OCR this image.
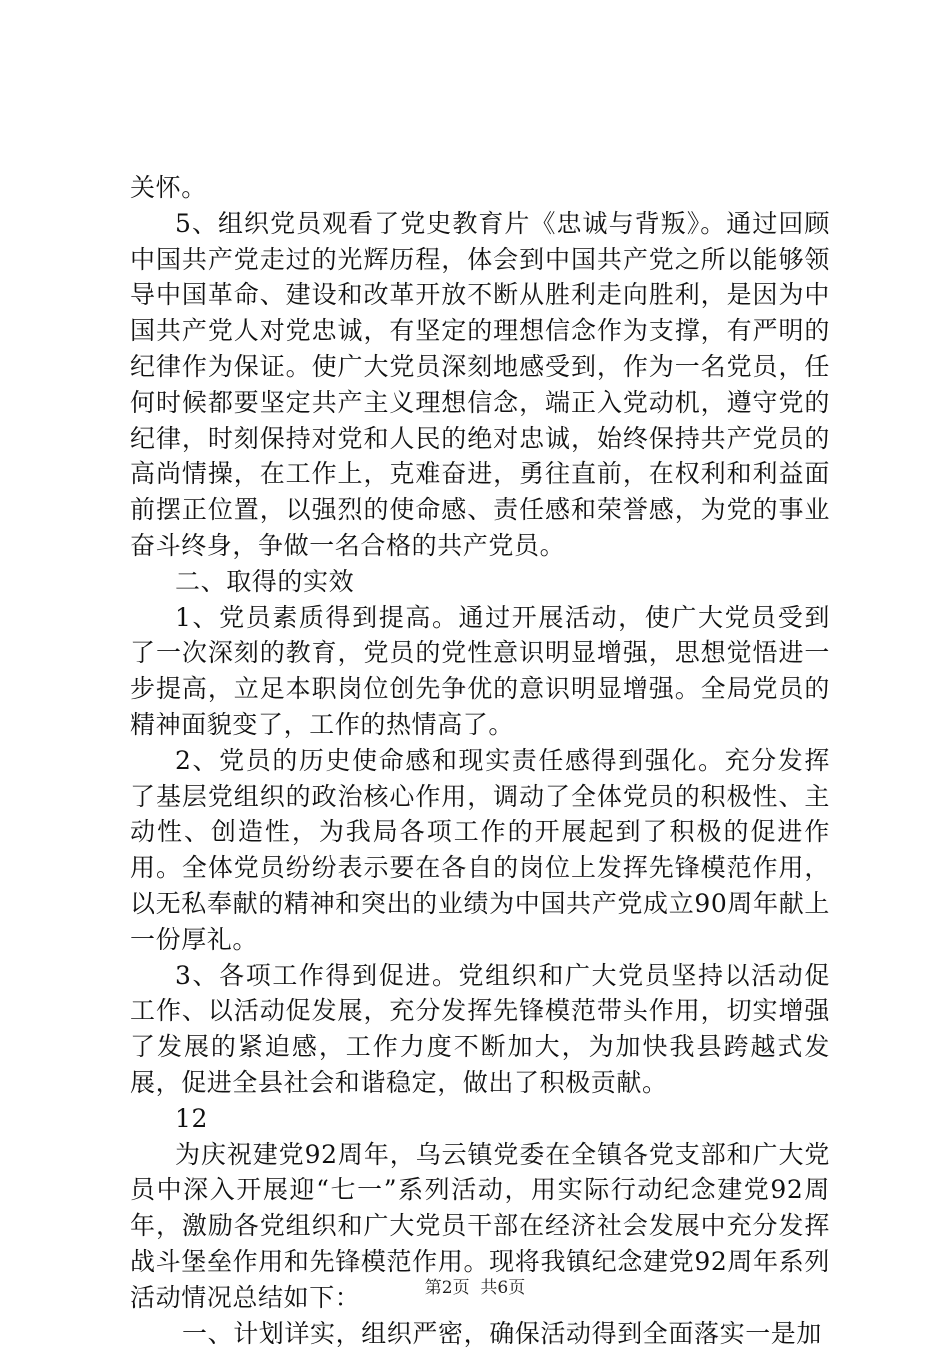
关怀。

5、组织党员观看了党史教育片《忠诚与背叛》。通过回顾中国共产党走过的光辉历程，体会到中国共产党之所以能够领导中国革命、建设和改革开放不断从胜利走向胜利，是因为中国共产党人对党忠诚，有坚定的理想信念作为支撑，有严明的纪律作为保证。使广大党员深刻地感受到，作为一名党员，任何时候都要坚定共产主义理想信念，端正入党动机，遵守党的纪律，时刻保持对党和人民的绝对忠诚，始终保持共产党员的高尚情操，在工作上，克难奋进，勇往直前，在权利和利益面前摆正位置，以强烈的使命感、责任感和荣誉感，为党的事业奋斗终身，争做一名合格的共产党员。

二、取得的实效

1、党员素质得到提高。通过开展活动，使广大党员受到了一次深刻的教育，党员的党性意识明显增强，思想觉悟进一步提高，立足本职岗位创先争优的意识明显增强。全局党员的精神面貌变了，工作的热情高了。

2、党员的历史使命感和现实责任感得到强化。充分发挥了基层党组织的政治核心作用，调动了全体党员的积极性、主动性、创造性，为我局各项工作的开展起到了积极的促进作用。全体党员纷纷表示要在各自的岗位上发挥先锋模范作用，以无私奉献的精神和突出的业绩为中国共产党成立90周年献上一份厚礼。

3、各项工作得到促进。党组织和广大党员坚持以活动促工作、以活动促发展，充分发挥先锋模范带头作用，切实增强了发展的紧迫感，工作力度不断加大，为加快我县跨越式发展，促进全县社会和谐稳定，做出了积极贡献。

12

为庆祝建党92周年，乌云镇党委在全镇各党支部和广大党员中深入开展迎“七一”系列活动，用实际行动纪念建党92周年，激励各党组织和广大党员干部在经济社会发展中充分发挥战斗堡垒作用和先锋模范作用。现将我镇纪念建党92周年系列活动情况总结如下：

一、计划详实，组织严密，确保活动得到全面落实一是加

第2页  共6页
